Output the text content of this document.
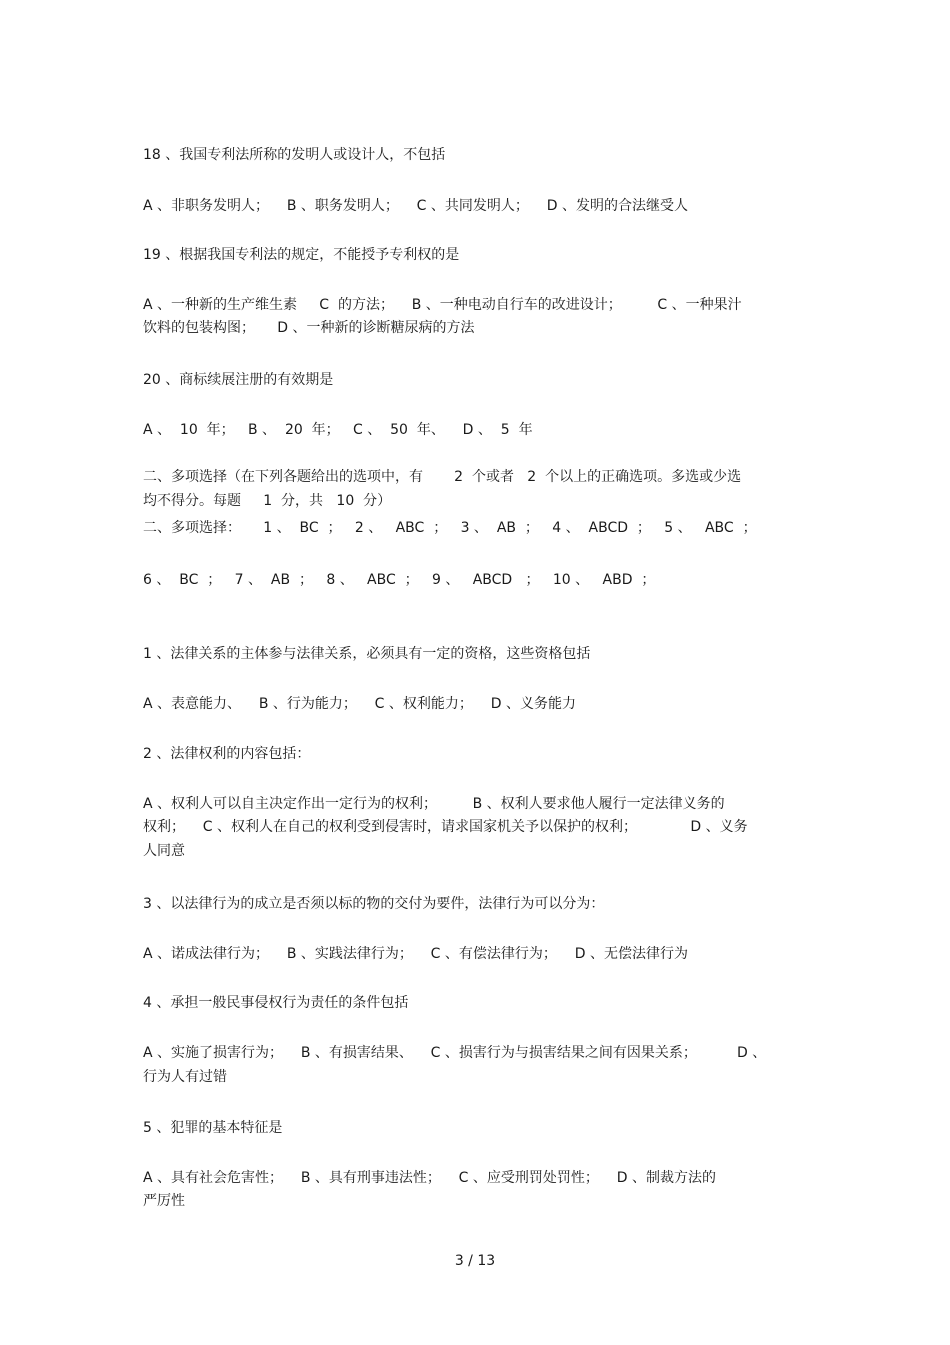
18 、我国专利法所称的发明人或设计人，不包括

A 、非职务发明人；    B 、职务发明人；    C 、共同发明人；    D 、发明的合法继受人

19 、根据我国专利法的规定，不能授予专利权的是

A 、一种新的生产维生素     C  的方法；    B 、一种电动自行车的改进设计；        C 、一种果汁

饮料的包装构图；     D 、一种新的诊断糖尿病的方法

20 、商标续展注册的有效期是

A 、  10  年；   B 、  20  年；   C 、  50  年、    D 、  5  年

二、多项选择（在下列各题给出的选项中，有       2  个或者   2  个以上的正确选项。多选或少选

均不得分。每题     1  分，共   10  分）

二、多项选择：     1 、  BC  ；   2 、   ABC  ；   3 、  AB  ；   4 、  ABCD  ；   5 、   ABC  ；

6 、  BC  ；   7 、  AB  ；   8 、   ABC  ；   9 、   ABCD   ；   10 、   ABD  ；

1 、法律关系的主体参与法律关系，必须具有一定的资格，这些资格包括

A 、表意能力、    B 、行为能力；    C 、权利能力；    D 、义务能力

2 、法律权利的内容包括：

A 、权利人可以自主决定作出一定行为的权利；        B 、权利人要求他人履行一定法律义务的

权利；    C 、权利人在自己的权利受到侵害时，请求国家机关予以保护的权利；            D 、义务

人同意

3 、以法律行为的成立是否须以标的物的交付为要件，法律行为可以分为：

A 、诺成法律行为；    B 、实践法律行为；    C 、有偿法律行为；    D 、无偿法律行为

4 、承担一般民事侵权行为责任的条件包括

A 、实施了损害行为；    B 、有损害结果、    C 、损害行为与损害结果之间有因果关系；         D 、

行为人有过错

5 、犯罪的基本特征是

A 、具有社会危害性；    B 、具有刑事违法性；    C 、应受刑罚处罚性；    D 、制裁方法的

严厉性

3 / 13
